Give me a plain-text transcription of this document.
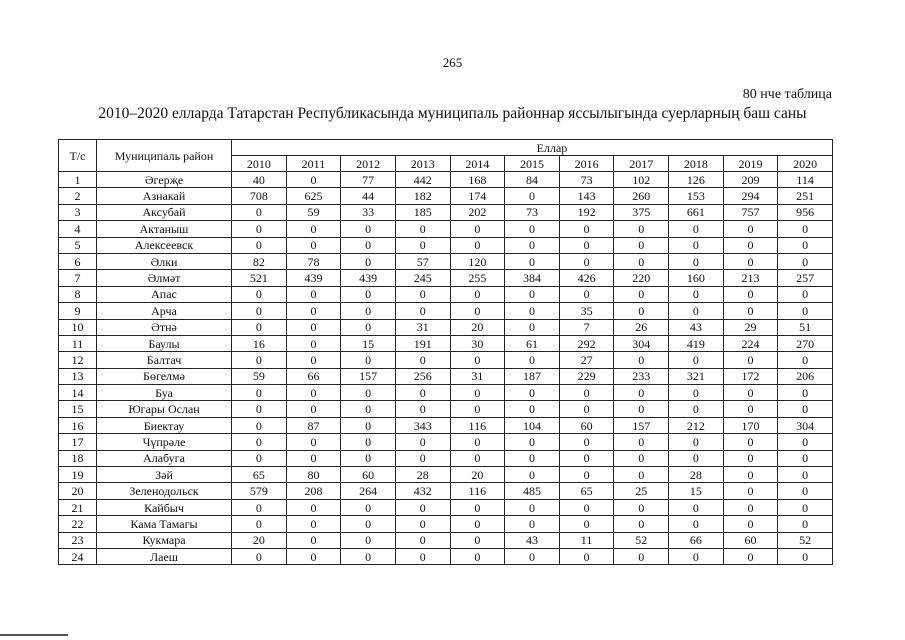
265
80 нче таблица
2010–2020 елларда Татарстан Республикасында муниципаль районнар яссылыгында суерларның баш саны
Т/с	Муниципаль район	Еллар										
		2010	2011	2012	2013	2014	2015	2016	2017	2018	2019	2020
1	Әгерҗе	40	0	77	442	168	84	73	102	126	209	114
2	Азнакай	708	625	44	182	174	0	143	260	153	294	251
3	Аксубай	0	59	33	185	202	73	192	375	661	757	956
4	Актаныш	0	0	0	0	0	0	0	0	0	0	0
5	Алексеевск	0	0	0	0	0	0	0	0	0	0	0
6	Әлки	82	78	0	57	120	0	0	0	0	0	0
7	Әлмәт	521	439	439	245	255	384	426	220	160	213	257
8	Апас	0	0	0	0	0	0	0	0	0	0	0
9	Арча	0	0	0	0	0	0	35	0	0	0	0
10	Әтнә	0	0	0	31	20	0	7	26	43	29	51
11	Баулы	16	0	15	191	30	61	292	304	419	224	270
12	Балтач	0	0	0	0	0	0	27	0	0	0	0
13	Бөгелмә	59	66	157	256	31	187	229	233	321	172	206
14	Буа	0	0	0	0	0	0	0	0	0	0	0
15	Югары Ослан	0	0	0	0	0	0	0	0	0	0	0
16	Биектау	0	87	0	343	116	104	60	157	212	170	304
17	Чүпрәле	0	0	0	0	0	0	0	0	0	0	0
18	Алабуга	0	0	0	0	0	0	0	0	0	0	0
19	Зәй	65	80	60	28	20	0	0	0	28	0	0
20	Зеленодольск	579	208	264	432	116	485	65	25	15	0	0
21	Кайбыч	0	0	0	0	0	0	0	0	0	0	0
22	Кама Тамагы	0	0	0	0	0	0	0	0	0	0	0
23	Кукмара	20	0	0	0	0	43	11	52	66	60	52
24	Лаеш	0	0	0	0	0	0	0	0	0	0	0
